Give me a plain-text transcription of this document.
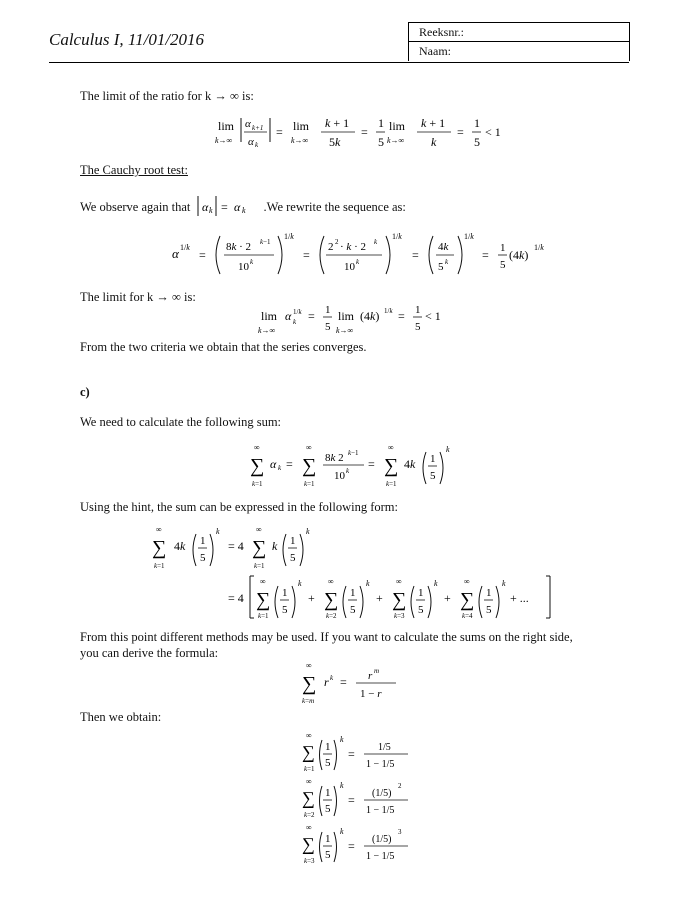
Calculus I, 11/01/2016	Reeksnr.:
Naam:
The limit of the ratio for k → ∞ is:
lim
k→∞
α k+1
α k
= lim
k→∞
k + 1
5k
=
1
5
lim
k→∞
k + 1
k
=
1
5
< 1
The Cauchy root test:
We observe again that α k = α k .We rewrite the sequence as:
α 1/k
=
8k · 2 k−1
10 k
1/k
=
2 2 · k · 2 k
10 k
1/k
=
4k
5 k
1/k
= 1
5
(4k)
1/k
The limit for k → ∞ is:
lim
k→∞
α 1/k
k = 1
5
lim
k→∞
(4k) 1/k = 1
5
< 1
From the two criteria we obtain that the series converges.
c)
We need to calculate the following sum:
∞
∑
k=1
α k =
∞
∑
k=1
8k 2 k−1
10 k =
∞
∑
k=1
4k 1
5
k
Using the hint, the sum can be expressed in the following form:
∞
∑
k=1
4k 1
5
k
= 4
∞
∑
k=1
k 1
5
k
= 4
∞
∑
k=1
1
5
k
+
∞
∑
k=2
1
5
k
+
∞
∑
k=3
1
5
k
+
∞
∑
k=4
1
5
k
+ ...
From this point different methods may be used. If you want to calculate the sums on the right side,
you can derive the formula:
∞
∑
k=m
r k = r m
1 − r
Then we obtain:
∞
∑
k=1
1
5
k
= 1/5
1 − 1/5
∞
∑
k=2
1
5
k
= (1/5)
2
1 − 1/5
∞
∑
k=3
1
5
k
= (1/5)
3
1 − 1/5
